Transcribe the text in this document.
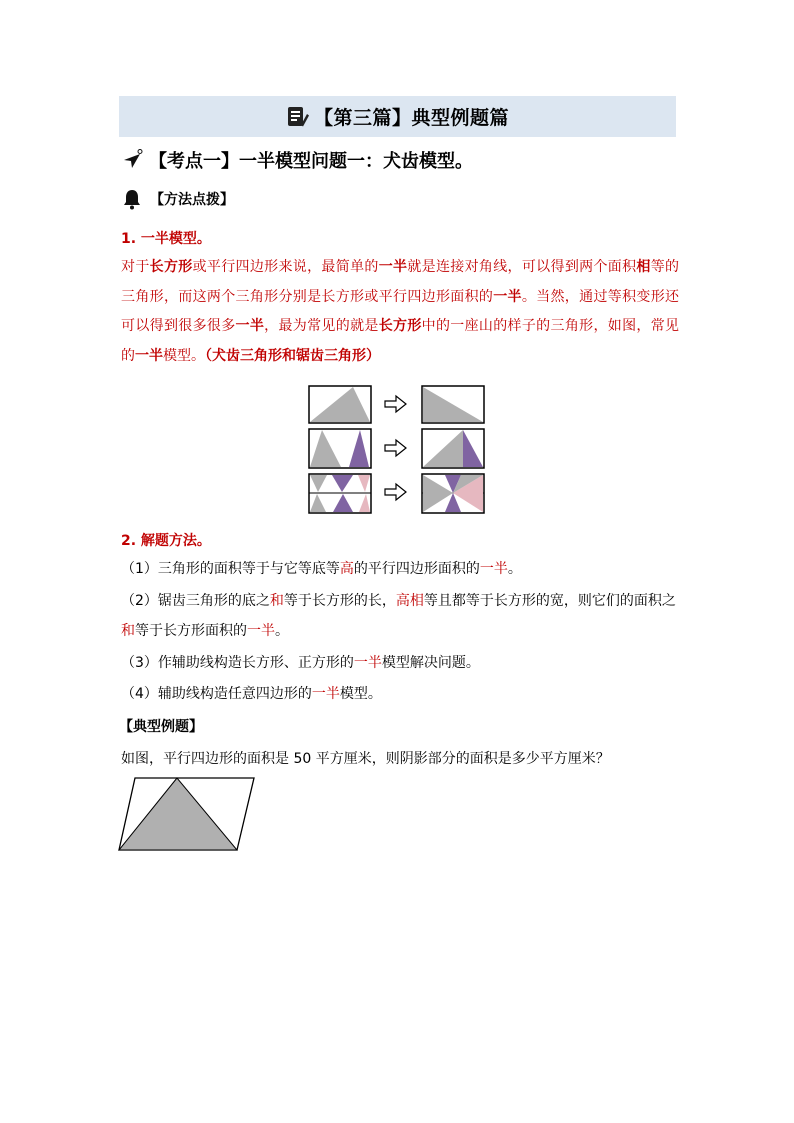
【第三篇】典型例题篇
【考点一】一半模型问题一：犬齿模型。
【方法点拨】
1. 一半模型。

对于长方形或平行四边形来说，最简单的一半就是连接对角线，可以得到两个面积相等的三角形，而这两个三角形分别是长方形或平行四边形面积的一半。当然，通过等积变形还可以得到很多很多一半，最为常见的就是长方形中的一座山的样子的三角形，如图，常见的一半模型。（犬齿三角形和锯齿三角形）

2. 解题方法。

（1）三角形的面积等于与它等底等高的平行四边形面积的一半。

（2）锯齿三角形的底之和等于长方形的长，高相等且都等于长方形的宽，则它们的面积之和等于长方形面积的一半。

（3）作辅助线构造长方形、正方形的一半模型解决问题。

（4）辅助线构造任意四边形的一半模型。

【典型例题】
如图，平行四边形的面积是 50 平方厘米，则阴影部分的面积是多少平方厘米？
